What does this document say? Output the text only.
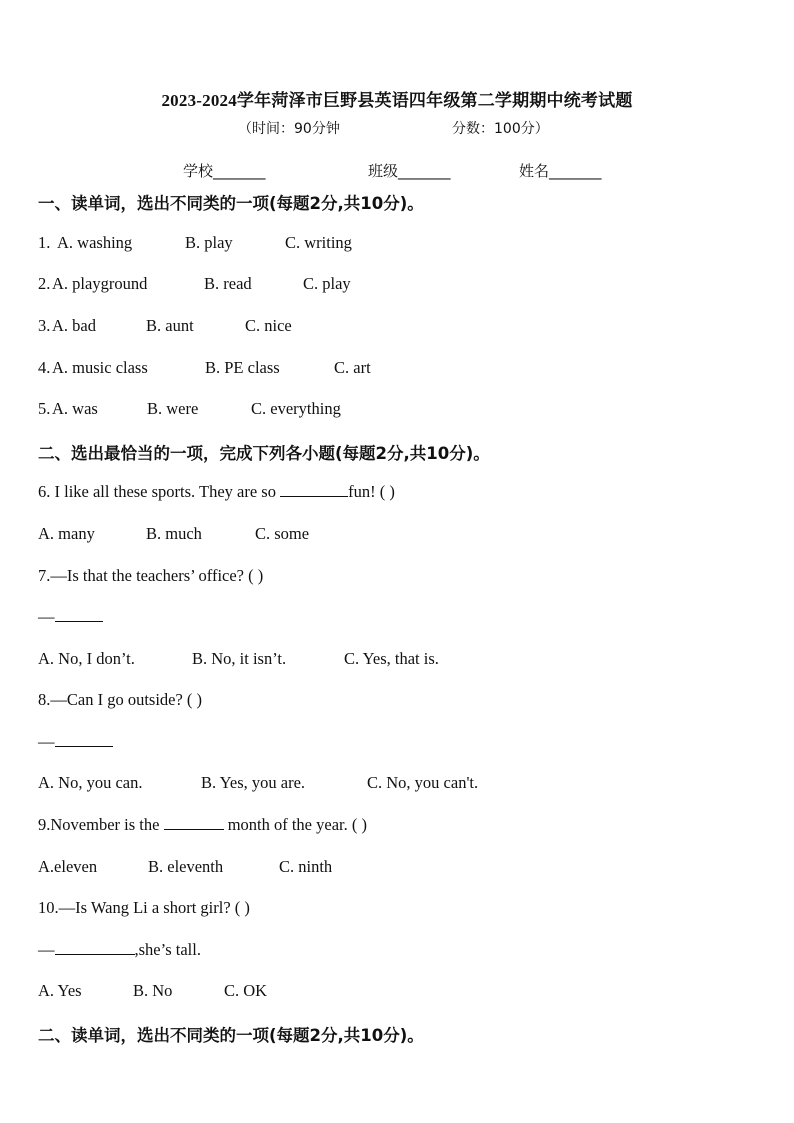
2023-2024学年菏泽市巨野县英语四年级第二学期期中统考试题
（时间：90分钟	分数：100分）
学校_______	班级_______	姓名_______
一、读单词，选出不同类的一项(每题2分,共10分)。
1. A. washing	B. play	C. writing
2. A. playground	B. read	C. play
3. A. bad	B. aunt	C. nice
4. A. music class	B. PE class	C. art
5. A. was	B. were	C. everything
二、选出最恰当的一项，完成下列各小题(每题2分,共10分)。
6. I like all these sports. They are so	fun! ( )
A. many	B. much	C. some
7.—Is that the teachers’ office? ( )
—
A. No, I don’t.	B. No, it isn’t.	C. Yes, that is.
8.—Can I go outside? ( )
—
A. No, you can.	B. Yes, you are.	C. No, you can't.
9.November is the	month of the year. ( )
A.eleven	B. eleventh	C. ninth
10.—Is Wang Li a short girl? ( )
—	,she’s tall.
A. Yes	B. No	C. OK
二、读单词，选出不同类的一项(每题2分,共10分)。
